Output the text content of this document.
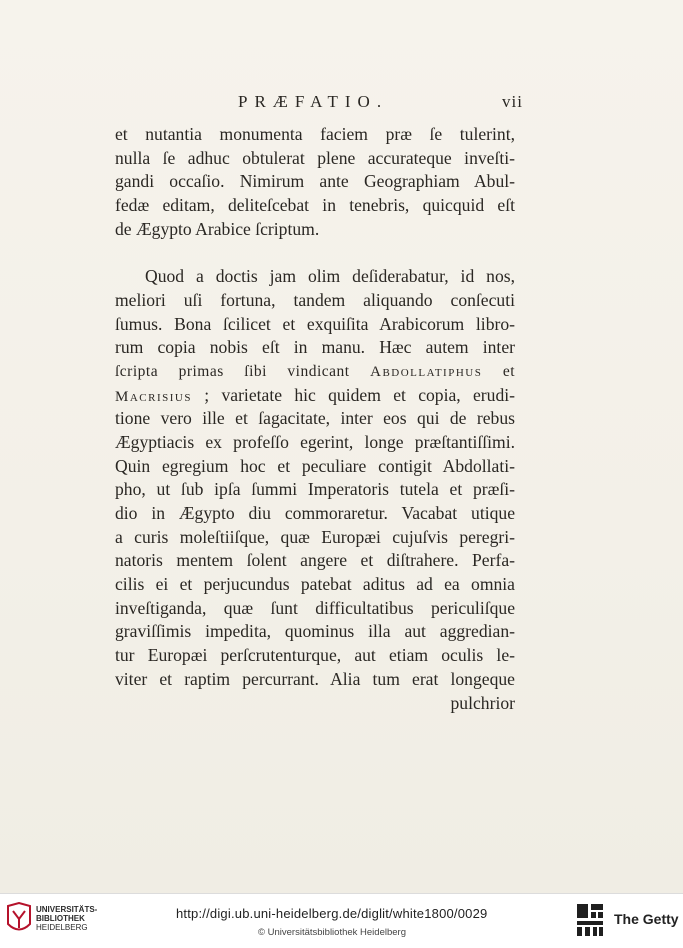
PRÆFATIO.	vii
et nutantia monumenta faciem præ ſe tulerint,
nulla ſe adhuc obtulerat plene accurateque inveſti-
gandi occaſio. Nimirum ante Geographiam Abul-
fedæ editam, delitеſcebat in tenebris, quicquid eſt
de Ægypto Arabice ſcriptum.
Quod a doctis jam olim deſiderabatur, id nos,
meliori uſi fortuna, tandem aliquando conſecuti
ſumus. Bona ſcilicet et exquiſita Arabicorum libro-
rum copia nobis eſt in manu. Hæc autem inter
ſcripta primas ſibi vindicant Abdollatiphus et
Macrisius ; varietate hic quidem et copia, erudi-
tione vero ille et ſagacitate, inter eos qui de rebus
Ægyptiacis ex profeſſo egerint, longe præſtantiſſimi.
Quin egregium hoc et peculiare contigit Abdollati-
pho, ut ſub ipſa ſummi Imperatoris tutela et præſi-
dio in Ægypto diu commoraretur. Vacabat utique
a curis moleſtiiſque, quæ Europæi cujuſvis peregri-
natoris mentem ſolent angere et diſtrahere. Perfa-
cilis ei et perjucundus patebat aditus ad ea omnia
inveſtiganda, quæ ſunt difficultatibus periculiſque
graviſſimis impedita, quominus illa aut aggredian-
tur Europæi perſcrutenturque, aut etiam oculis le-
viter et raptim percurrant. Alia tum erat longeque
pulchrior
UNIVERSITÄTS-
BIBLIOTHEK
HEIDELBERG
http://digi.ub.uni-heidelberg.de/diglit/white1800/0029
© Universitätsbibliothek Heidelberg
The Getty
